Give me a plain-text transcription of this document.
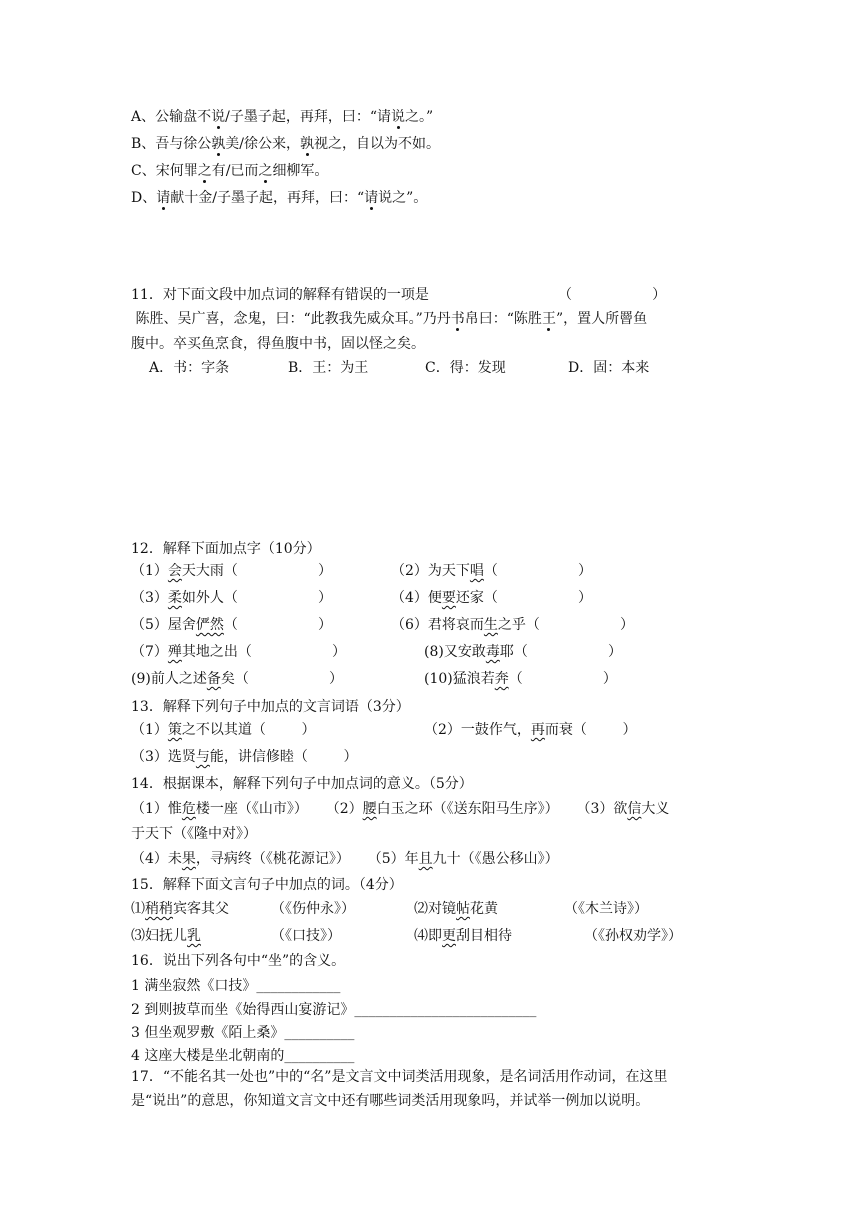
A、公输盘不说/子墨子起，再拜，曰：“请说之。”
B、吾与徐公孰美/徐公来，孰视之，自以为不如。
C、宋何罪之有/已而之细柳军。
D、请献十金/子墨子起，再拜，曰：“请说之”。
11．对下面文段中加点词的解释有错误的一项是	（                  ）
陈胜、吴广喜，念鬼，曰：“此教我先威众耳。”乃丹书帛曰：“陈胜王”，置人所罾鱼
腹中。卒买鱼烹食，得鱼腹中书，固以怪之矣。
A．书：字条	B．王：为王	C．得：发现	D．固：本来
12．解释下面加点字（10分）
（1）会天大雨（                  ）	（2）为天下唱（                  ）
（3）柔如外人（                  ）	（4）便要还家（                  ）
（5）屋舍俨然（                  ）	（6）君将哀而生之乎（                  ）
（7）殚其地之出（                  ）	(8)又安敢毒耶（                  ）
(9)前人之述备矣（                  ）	(10)猛浪若奔（                  ）
13．解释下列句子中加点的文言词语（3分）
（1）策之不以其道（        ）	（2）一鼓作气，再而衰（        ）
（3）选贤与能，讲信修睦（        ）
14．根据课本，解释下列句子中加点词的意义。（5分）
（1）惟危楼一座（《山市》）    （2）腰白玉之环（《送东阳马生序》）    （3）欲信大义
于天下（《隆中对》）
（4）未果，寻病终（《桃花源记》）    （5）年且九十（《愚公移山》）
15．解释下面文言句子中加点的词。（4分）
⑴稍稍宾客其父	（《伤仲永》）	⑵对镜帖花黄	（《木兰诗》）
⑶妇抚儿乳	（《口技》）	⑷即更刮目相待	（《孙权劝学》）
16．说出下列各句中“坐”的含义。
1 满坐寂然《口技》____________
2 到则披草而坐《始得西山宴游记》__________________________
3 但坐观罗敷《陌上桑》__________
4 这座大楼是坐北朝南的__________
17．“不能名其一处也”中的“名”是文言文中词类活用现象，是名词活用作动词，在这里
是“说出”的意思，你知道文言文中还有哪些词类活用现象吗，并试举一例加以说明。
